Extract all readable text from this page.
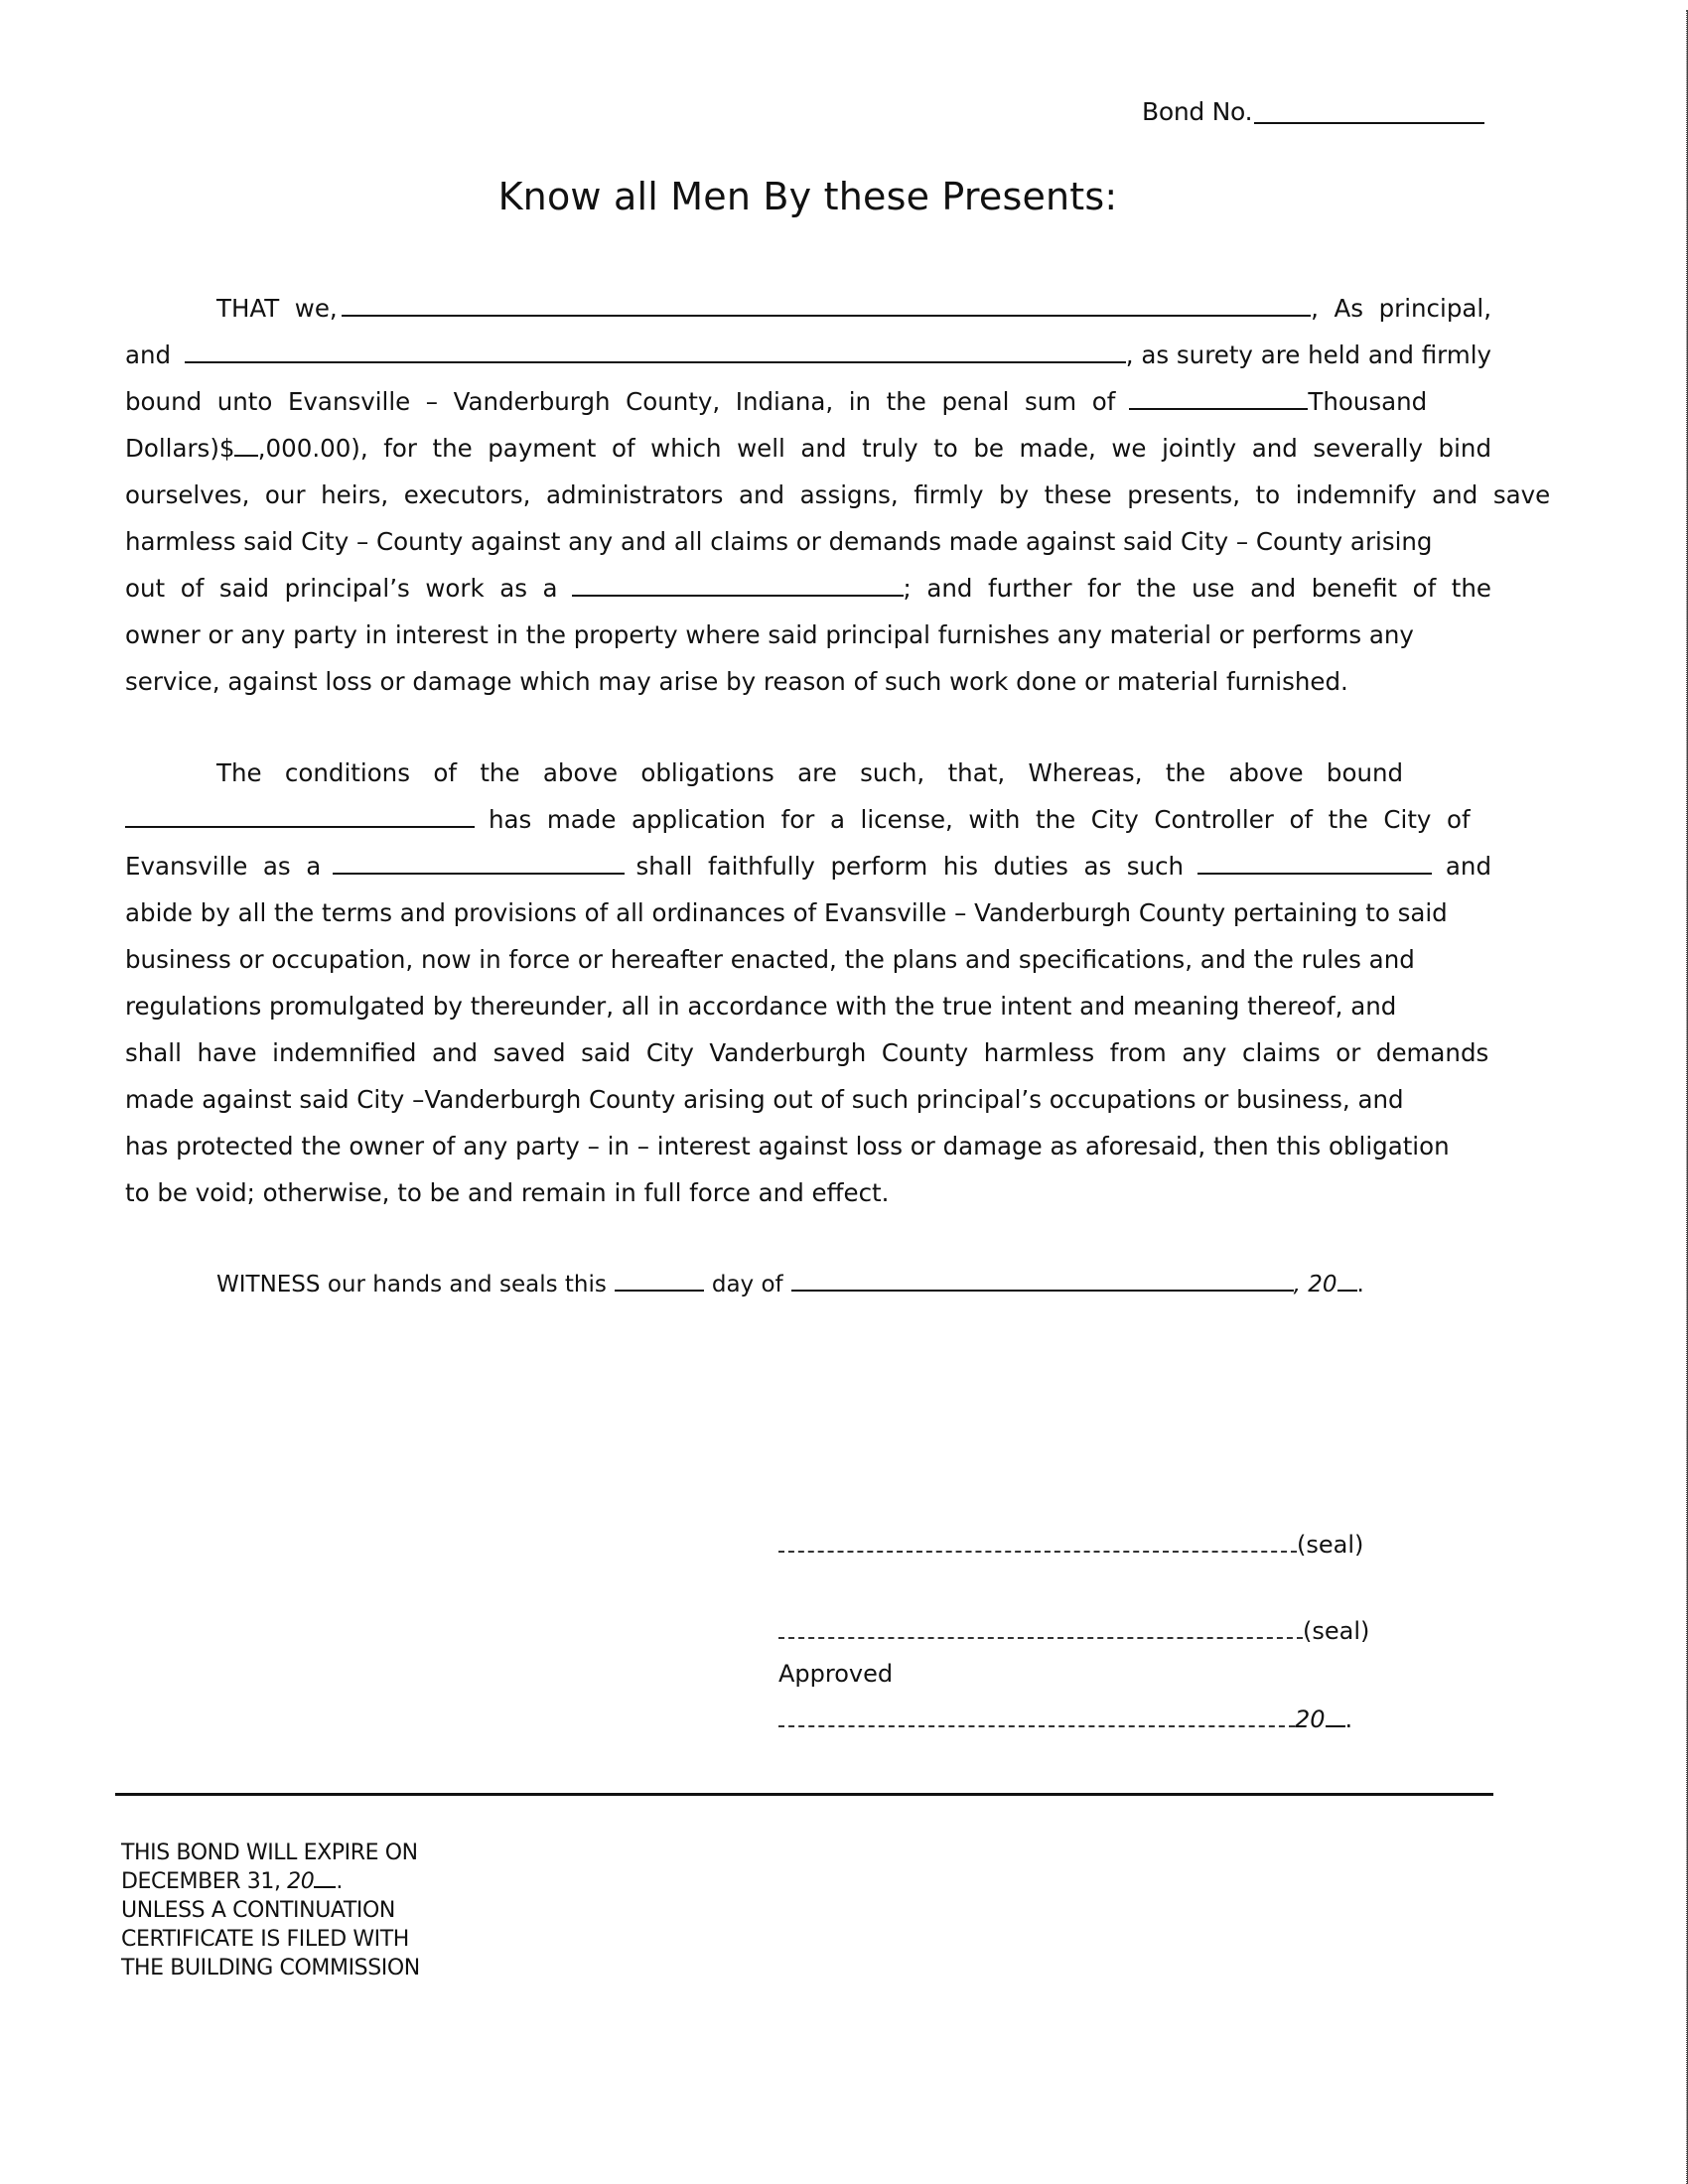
Bond No.
Know all Men By these Presents:
THAT  we,	,  As  principal,
and	, as surety are held and firmly
bound  unto  Evansville  –  Vanderburgh  County,  Indiana,  in  the  penal  sum  of	Thousand
Dollars)$ ,000.00),  for  the  payment  of  which  well  and  truly  to  be  made,  we  jointly  and  severally  bind
ourselves,  our  heirs,  executors,  administrators  and  assigns,  firmly  by  these  presents,  to  indemnify  and  save
harmless said City – County against any and all claims or demands made against said City – County arising
out  of  said  principal’s  work  as  a	;  and  further  for  the  use  and  benefit  of  the
owner or any party in interest in the property where said principal furnishes any material or performs any
service, against loss or damage which may arise by reason of such work done or material furnished.
The   conditions   of   the   above   obligations   are   such,   that,   Whereas,   the   above   bound
has  made  application  for  a  license,  with  the  City  Controller  of  the  City  of
Evansville  as  a	shall  faithfully  perform  his  duties  as  such	and
abide by all the terms and provisions of all ordinances of Evansville – Vanderburgh County pertaining to said
business or occupation, now in force or hereafter enacted, the plans and specifications, and the rules and
regulations promulgated by thereunder, all in accordance with the true intent and meaning thereof, and
shall  have  indemnified  and  saved  said  City  Vanderburgh  County  harmless  from  any  claims  or  demands
made against said City –Vanderburgh County arising out of such principal’s occupations or business, and
has protected the owner of any party – in – interest against loss or damage as aforesaid, then this obligation
to be void; otherwise, to be and remain in full force and effect.
WITNESS our hands and seals this	day of	, 20 .
(seal)
(seal)
Approved
20 .
THIS BOND WILL EXPIRE ON
DECEMBER 31, 20 .
UNLESS A CONTINUATION
CERTIFICATE IS FILED WITH
THE BUILDING COMMISSION
